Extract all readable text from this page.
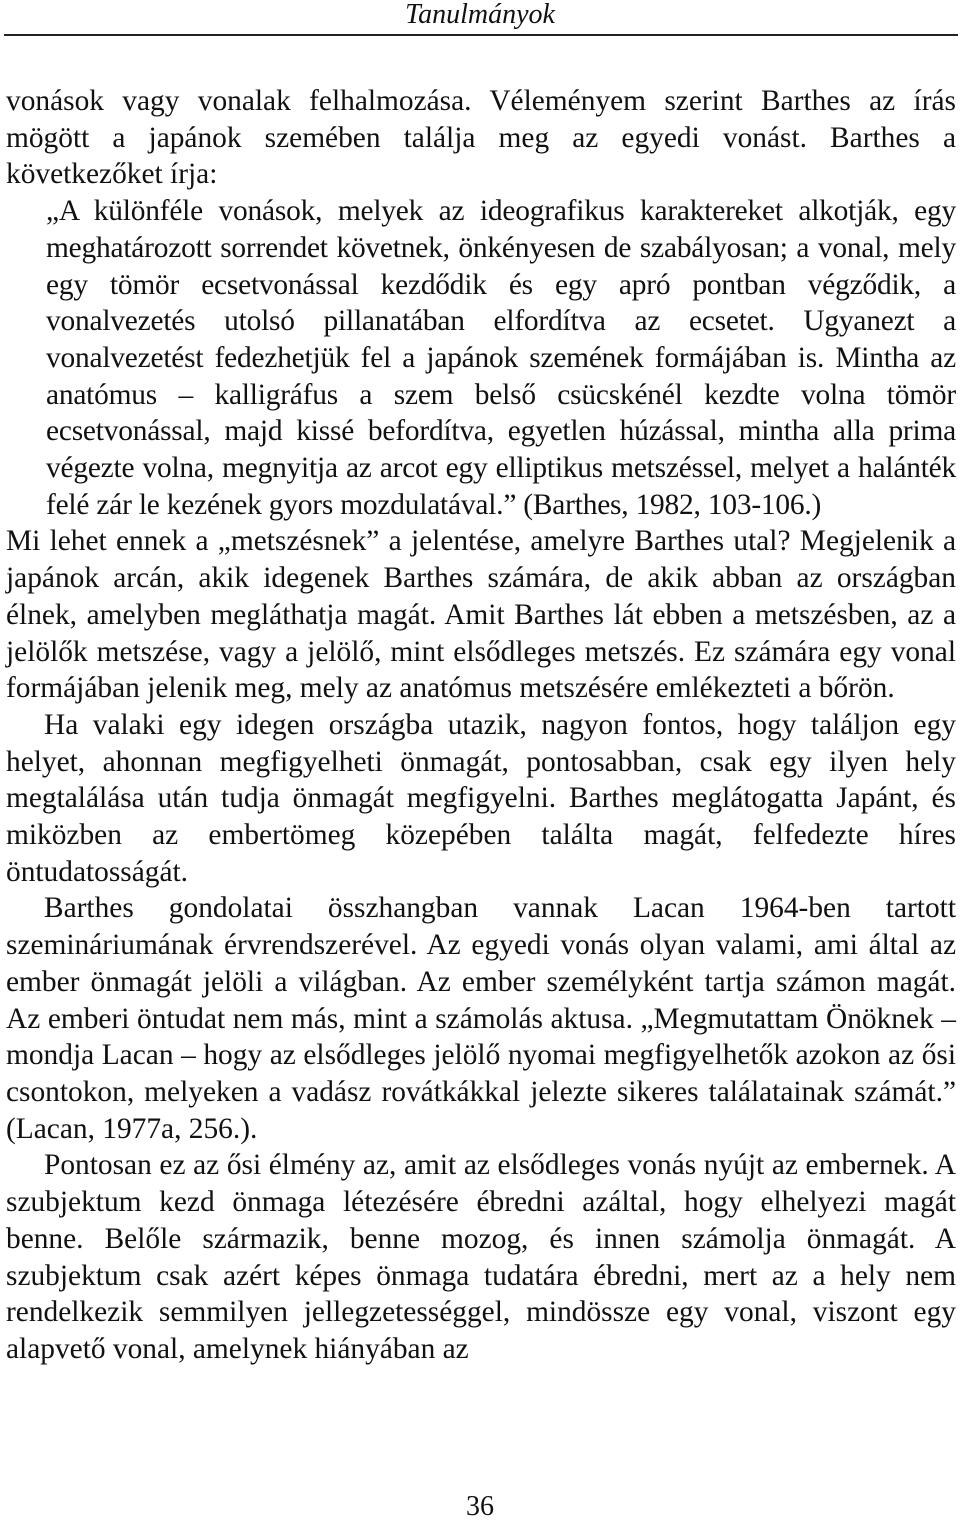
Tanulmányok

vonások vagy vonalak felhalmozása. Véleményem szerint Barthes az írás mögött a japánok szemében találja meg az egyedi vonást. Barthes a következőket írja:

„A különféle vonások, melyek az ideografikus karaktereket alkotják, egy meghatározott sorrendet követnek, önkényesen de szabályosan; a vonal, mely egy tömör ecsetvonással kezdődik és egy apró pontban végződik, a vonalvezetés utolsó pillanatában elfordítva az ecsetet. Ugyanezt a vonalvezetést fedezhetjük fel a japánok szemének formájában is. Mintha az anatómus – kalligráfus a szem belső csücskénél kezdte volna tömör ecsetvonással, majd kissé befordítva, egyetlen húzással, mintha alla prima végezte volna, megnyitja az arcot egy elliptikus metszéssel, melyet a halánték felé zár le kezének gyors mozdulatával.” (Barthes, 1982, 103-106.)

Mi lehet ennek a „metszésnek” a jelentése, amelyre Barthes utal? Megjelenik a japánok arcán, akik idegenek Barthes számára, de akik abban az országban élnek, amelyben megláthatja magát. Amit Barthes lát ebben a metszésben, az a jelölők metszése, vagy a jelölő, mint elsődleges metszés. Ez számára egy vonal formájában jelenik meg, mely az anatómus metszésére emlékezteti a bőrön.

Ha valaki egy idegen országba utazik, nagyon fontos, hogy találjon egy helyet, ahonnan megfigyelheti önmagát, pontosabban, csak egy ilyen hely megtalálása után tudja önmagát megfigyelni. Barthes meglátogatta Japánt, és miközben az embertömeg közepében találta magát, felfedezte híres öntudatosságát.

Barthes gondolatai összhangban vannak Lacan 1964-ben tartott szemináriumának érvrendszerével. Az egyedi vonás olyan valami, ami által az ember önmagát jelöli a világban. Az ember személyként tartja számon magát. Az emberi öntudat nem más, mint a számolás aktusa. „Megmutattam Önöknek – mondja Lacan – hogy az elsődleges jelölő nyomai megfigyelhetők azokon az ősi csontokon, melyeken a vadász rovátkákkal jelezte sikeres találatainak számát.” (Lacan, 1977a, 256.).

Pontosan ez az ősi élmény az, amit az elsődleges vonás nyújt az embernek. A szubjektum kezd önmaga létezésére ébredni azáltal, hogy elhelyezi magát benne. Belőle származik, benne mozog, és innen számolja önmagát. A szubjektum csak azért képes önmaga tudatára ébredni, mert az a hely nem rendelkezik semmilyen jellegzetességgel, mindössze egy vonal, viszont egy alapvető vonal, amelynek hiányában az

36
